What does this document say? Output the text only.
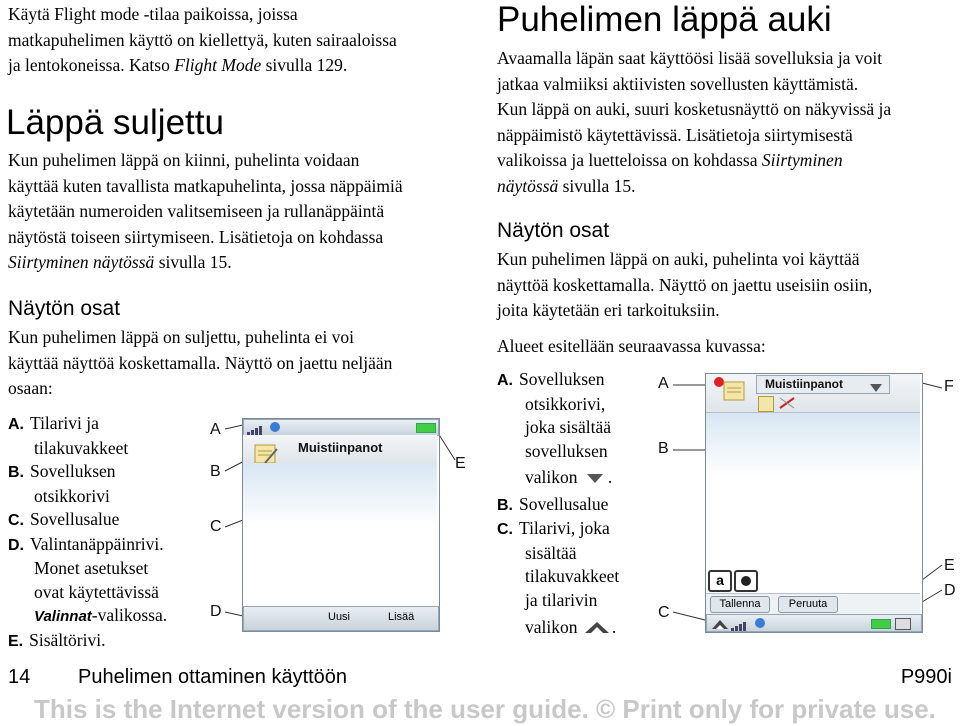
Käytä Flight mode -tilaa paikoissa, joissa
matkapuhelimen käyttö on kiellettyä, kuten sairaaloissa
ja lentokoneissa. Katso Flight Mode sivulla 129.
Läppä suljettu
Kun puhelimen läppä on kiinni, puhelinta voidaan
käyttää kuten tavallista matkapuhelinta, jossa näppäimiä
käytetään numeroiden valitsemiseen ja rullanäppäintä
näytöstä toiseen siirtymiseen. Lisätietoja on kohdassa
Siirtyminen näytössä sivulla 15.
Näytön osat
Kun puhelimen läppä on suljettu, puhelinta ei voi
käyttää näyttöä koskettamalla. Näyttö on jaettu neljään
osaan:
A. Tilarivi ja
tilakuvakkeet
B. Sovelluksen
otsikkorivi
C. Sovellusalue
D. Valintanäppäinrivi.
Monet asetukset
ovat käytettävissä
Valinnat-valikossa.
E. Sisältörivi.
A
B
C
D
E
Muistiinpanot
Uusi	Lisää
Puhelimen läppä auki
Avaamalla läpän saat käyttöösi lisää sovelluksia ja voit
jatkaa valmiiksi aktiivisten sovellusten käyttämistä.
Kun läppä on auki, suuri kosketusnäyttö on näkyvissä ja
näppäimistö käytettävissä. Lisätietoja siirtymisestä
valikoissa ja luetteloissa on kohdassa Siirtyminen
näytössä sivulla 15.
Näytön osat
Kun puhelimen läppä on auki, puhelinta voi käyttää
näyttöä koskettamalla. Näyttö on jaettu useisiin osiin,
joita käytetään eri tarkoituksiin.
Alueet esitellään seuraavassa kuvassa:
A. Sovelluksen
otsikkorivi,
joka sisältää
sovelluksen
valikon .
B. Sovellusalue
C. Tilarivi, joka
sisältää
tilakuvakkeet
ja tilarivin
valikon .
A
B
C
D
E
F
Muistiinpanot
a
Tallenna	Peruuta
14 Puhelimen ottaminen käyttöön	P990i
This is the Internet version of the user guide. © Print only for private use.
